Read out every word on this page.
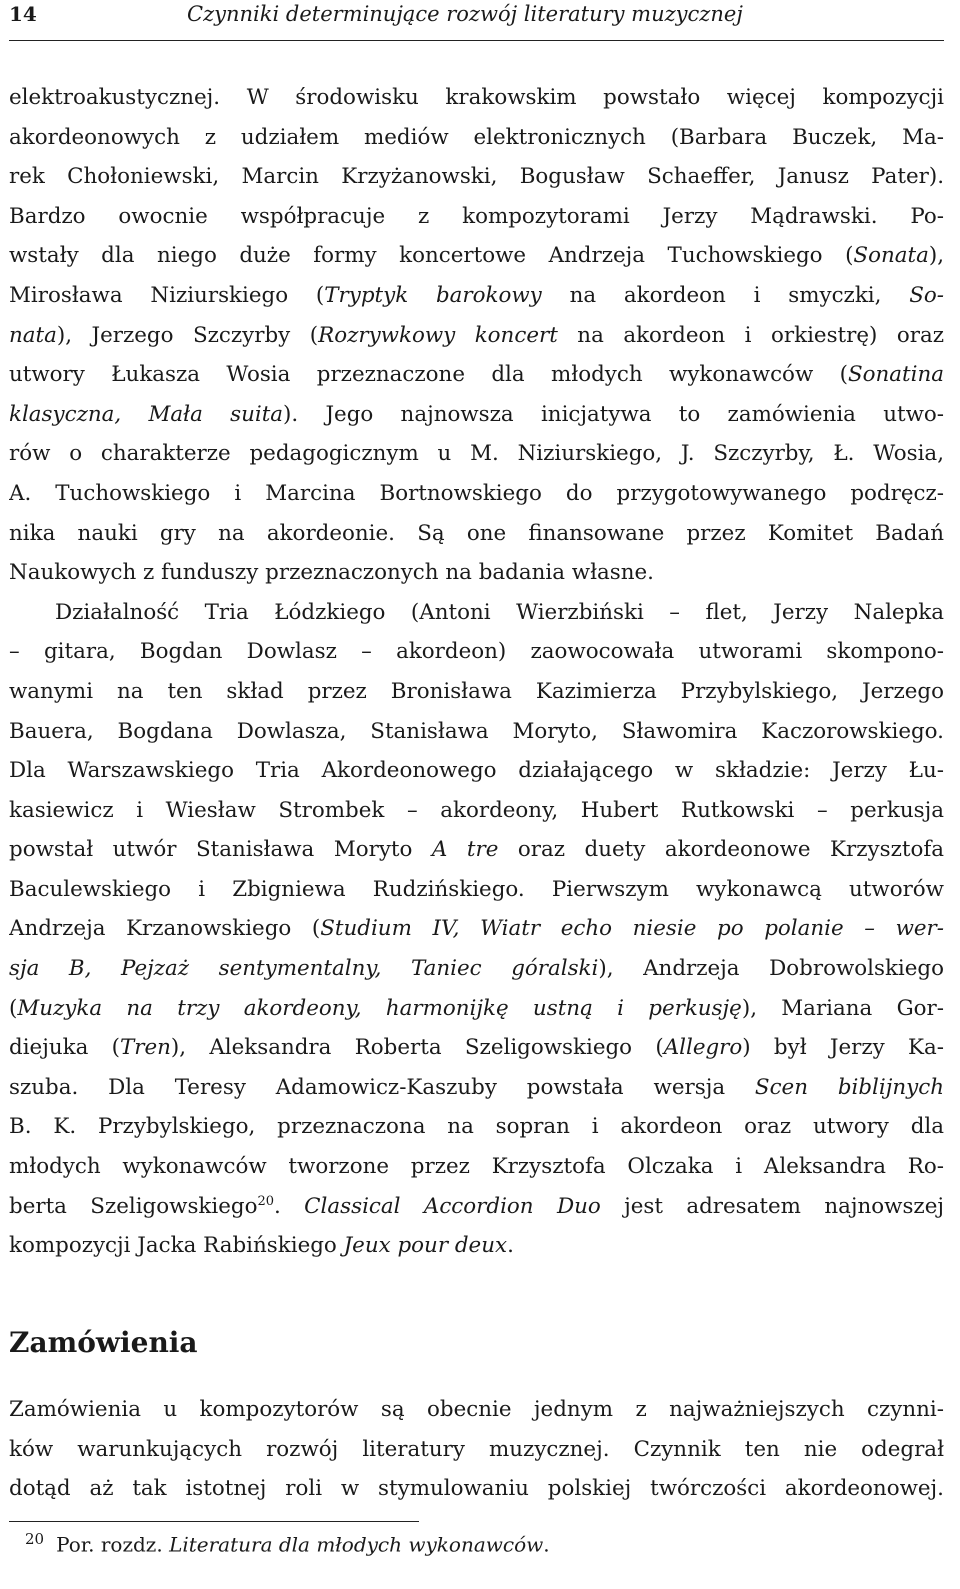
14	Czynniki determinujące rozwój literatury muzycznej
elektroakustycznej. W środowisku krakowskim powstało więcej kompozycji
akordeonowych z udziałem mediów elektronicznych (Barbara Buczek, Ma-
rek Chołoniewski, Marcin Krzyżanowski, Bogusław Schaeffer, Janusz Pater).
Bardzo owocnie współpracuje z kompozytorami Jerzy Mądrawski. Po-
wstały dla niego duże formy koncertowe Andrzeja Tuchowskiego (Sonata),
Mirosława Niziurskiego (Tryptyk barokowy na akordeon i smyczki, So-
nata), Jerzego Szczyrby (Rozrywkowy koncert na akordeon i orkiestrę) oraz
utwory Łukasza Wosia przeznaczone dla młodych wykonawców (Sonatina
klasyczna, Mała suita). Jego najnowsza inicjatywa to zamówienia utwo-
rów o charakterze pedagogicznym u M. Niziurskiego, J. Szczyrby, Ł. Wosia,
A. Tuchowskiego i Marcina Bortnowskiego do przygotowywanego podręcz-
nika nauki gry na akordeonie. Są one finansowane przez Komitet Badań
Naukowych z funduszy przeznaczonych na badania własne.
Działalność Tria Łódzkiego (Antoni Wierzbiński – flet, Jerzy Nalepka
– gitara, Bogdan Dowlasz – akordeon) zaowocowała utworami skompono-
wanymi na ten skład przez Bronisława Kazimierza Przybylskiego, Jerzego
Bauera, Bogdana Dowlasza, Stanisława Moryto, Sławomira Kaczorowskiego.
Dla Warszawskiego Tria Akordeonowego działającego w składzie: Jerzy Łu-
kasiewicz i Wiesław Strombek – akordeony, Hubert Rutkowski – perkusja
powstał utwór Stanisława Moryto A tre oraz duety akordeonowe Krzysztofa
Baculewskiego i Zbigniewa Rudzińskiego. Pierwszym wykonawcą utworów
Andrzeja Krzanowskiego (Studium IV, Wiatr echo niesie po polanie – wer-
sja B, Pejzaż sentymentalny, Taniec góralski), Andrzeja Dobrowolskiego
(Muzyka na trzy akordeony, harmonijkę ustną i perkusję), Mariana Gor-
diejuka (Tren), Aleksandra Roberta Szeligowskiego (Allegro) był Jerzy Ka-
szuba. Dla Teresy Adamowicz-Kaszuby powstała wersja Scen biblijnych
B. K. Przybylskiego, przeznaczona na sopran i akordeon oraz utwory dla
młodych wykonawców tworzone przez Krzysztofa Olczaka i Aleksandra Ro-
berta Szeligowskiego$^{20}$. Classical Accordion Duo jest adresatem najnowszej
kompozycji Jacka Rabińskiego Jeux pour deux.
Zamówienia
Zamówienia u kompozytorów są obecnie jednym z najważniejszych czynni-
ków warunkujących rozwój literatury muzycznej. Czynnik ten nie odegrał
dotąd aż tak istotnej roli w stymulowaniu polskiej twórczości akordeonowej.
$^{20}$ Por. rozdz. Literatura dla młodych wykonawców.
